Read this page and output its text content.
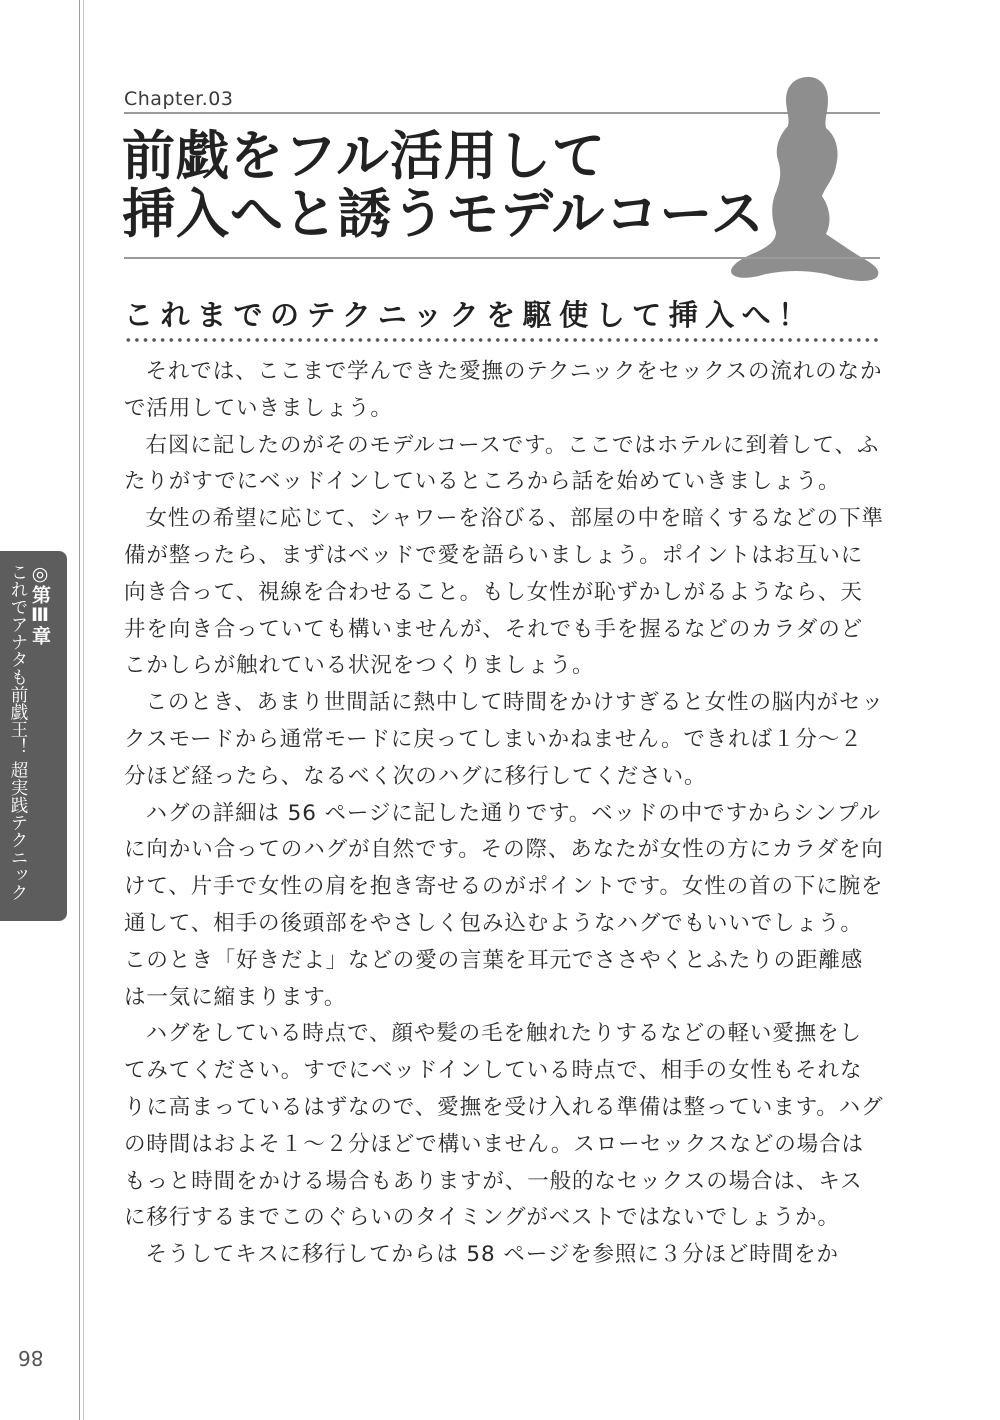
Chapter.03
前戯をフル活用して
挿入へと誘うモデルコース
これまでのテクニックを駆使して挿入へ！

それでは、ここまで学んできた愛撫のテクニックをセックスの流れのなかで活用していきましょう。

右図に記したのがそのモデルコースです。ここではホテルに到着して、ふたりがすでにベッドインしているところから話を始めていきましょう。

女性の希望に応じて、シャワーを浴びる、部屋の中を暗くするなどの下準備が整ったら、まずはベッドで愛を語らいましょう。ポイントはお互いに向き合って、視線を合わせること。もし女性が恥ずかしがるようなら、天井を向き合っていても構いませんが、それでも手を握るなどのカラダのどこかしらが触れている状況をつくりましょう。

このとき、あまり世間話に熱中して時間をかけすぎると女性の脳内がセックスモードから通常モードに戻ってしまいかねません。できれば１分～２分ほど経ったら、なるべく次のハグに移行してください。

ハグの詳細は 56 ページに記した通りです。ベッドの中ですからシンプルに向かい合ってのハグが自然です。その際、あなたが女性の方にカラダを向けて、片手で女性の肩を抱き寄せるのがポイントです。女性の首の下に腕を通して、相手の後頭部をやさしく包み込むようなハグでもいいでしょう。このとき「好きだよ」などの愛の言葉を耳元でささやくとふたりの距離感は一気に縮まります。

ハグをしている時点で、顔や髪の毛を触れたりするなどの軽い愛撫をしてみてください。すでにベッドインしている時点で、相手の女性もそれなりに高まっているはずなので、愛撫を受け入れる準備は整っています。ハグの時間はおよそ１～２分ほどで構いません。スローセックスなどの場合はもっと時間をかける場合もありますが、一般的なセックスの場合は、キスに移行するまでこのぐらいのタイミングがベストではないでしょうか。

そうしてキスに移行してからは 58 ページを参照に３分ほど時間をか

◎第Ⅲ章
これでアナタも前戯王！ 超実践テクニック
86
